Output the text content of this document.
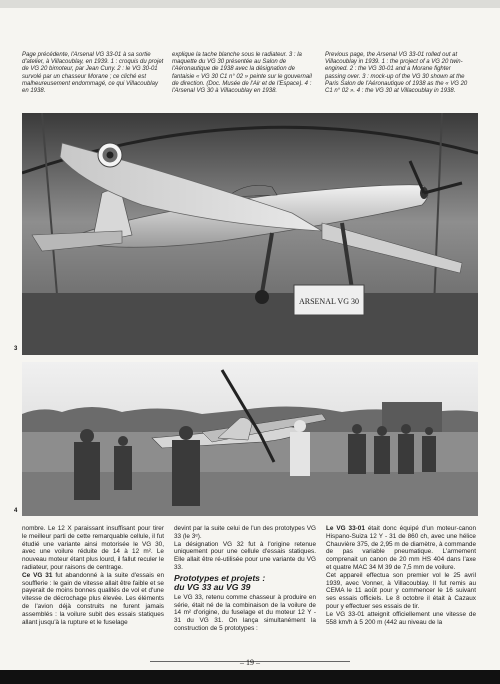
Page précédente, l'Arsenal VG 33-01 à sa sortie d'atelier, à Villacoublay, en 1939. 1 : croquis du projet de VG 20 bimoteur, par Jean Cuny. 2 : le VG 30-01 survolé par un chasseur Morane ; ce cliché est malheureusement endommagé, ce qui Villacoublay en 1938.
explique la tache blanche sous le radiateur. 3 : la maquette du VG 30 présentée au Salon de l'Aéronautique de 1938 avec la désignation de fantaisie « VG 30 C1 n° 02 » peinte sur le gouvernail de direction. (Doc. Musée de l'Air et de l'Espace). 4 : l'Arsenal VG 30 à Villacoublay en 1938.
Previous page, the Arsenal VG 33-01 rolled out at Villacoublay in 1939. 1 : the project of a VG 20 twin-engined. 2 : the VG 30-01 and a Morane fighter passing over. 3 : mock-up of the VG 30 shown at the Paris Salon de l'Aéronautique of 1938 as the « VG 20 C1 n° 02 ». 4 : the VG 30 at Villacoublay in 1938.
ARSENAL VG 30
3
4

nombre. Le 12 X paraissant insuffisant pour tirer le meilleur parti de cette remarquable cellule, il fut étudié une variante ainsi motorisée le VG 30, avec une voilure réduite de 14 à 12 m². Le nouveau moteur étant plus lourd, il fallut reculer le radiateur, pour raisons de centrage.

Ce VG 31 fut abandonné à la suite d'essais en soufflerie : le gain de vitesse allait être faible et se payerait de moins bonnes qualités de vol et d'une vitesse de décrochage plus élevée. Les éléments de l'avion déjà construits ne furent jamais assemblés : la voilure subit des essais statiques allant jusqu'à la rupture et le fuselage

devint par la suite celui de l'un des prototypes VG 33 (le 3ᵉ).

La désignation VG 32 fut à l'origine retenue uniquement pour une cellule d'essais statiques. Elle allait être ré-utilisée pour une variante du VG 33.

Prototypes et projets :
du VG 33 au VG 39

Le VG 33, retenu comme chasseur à produire en série, était né de la combinaison de la voilure de 14 m² d'origine, du fuselage et du moteur 12 Y - 31 du VG 31. On lança simultanément la construction de 5 prototypes :

Le VG 33-01 était donc équipé d'un moteur-canon Hispano-Suiza 12 Y - 31 de 860 ch, avec une hélice Chauvière 375, de 2,95 m de diamètre, à commande de pas variable pneumatique. L'armement comprenait un canon de 20 mm HS 404 dans l'axe et quatre MAC 34 M 39 de 7,5 mm de voilure.

Cet appareil effectua son premier vol le 25 avril 1939, avec Vonner, à Villacoublay. Il fut remis au CEMA le 11 août pour y commencer le 16 suivant ses essais officiels. Le 8 octobre il était à Cazaux pour y effectuer ses essais de tir.

Le VG 33-01 atteignit officiellement une vitesse de 558 km/h à 5 200 m (442 au niveau de la

– 19 –
